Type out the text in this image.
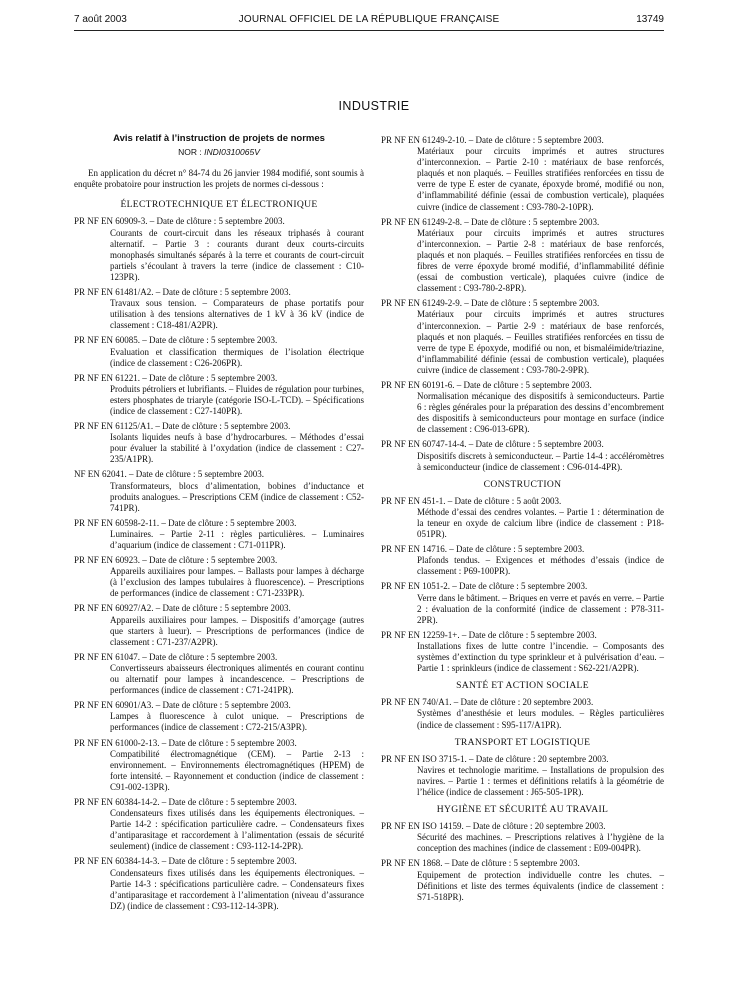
7 août 2003	JOURNAL OFFICIEL DE LA RÉPUBLIQUE FRANÇAISE	13749
INDUSTRIE
Avis relatif à l’instruction de projets de normes
NOR : INDI0310065V
En application du décret n° 84-74 du 26 janvier 1984 modifié, sont soumis à enquête probatoire pour instruction les projets de normes ci-dessous :
ÉLECTROTECHNIQUE ET ÉLECTRONIQUE
PR NF EN 60909-3. – Date de clôture : 5 septembre 2003.
Courants de court-circuit dans les réseaux triphasés à courant alternatif. – Partie 3 : courants durant deux courts-circuits monophasés simultanés séparés à la terre et courants de court-circuit partiels s’écoulant à travers la terre (indice de classement : C10-123PR).
PR NF EN 61481/A2. – Date de clôture : 5 septembre 2003.
Travaux sous tension. – Comparateurs de phase portatifs pour utilisation à des tensions alternatives de 1 kV à 36 kV (indice de classement : C18-481/A2PR).
PR NF EN 60085. – Date de clôture : 5 septembre 2003.
Evaluation et classification thermiques de l’isolation électrique (indice de classement : C26-206PR).
PR NF EN 61221. – Date de clôture : 5 septembre 2003.
Produits pétroliers et lubrifiants. – Fluides de régulation pour turbines, esters phosphates de triaryle (catégorie ISO-L-TCD). – Spécifications (indice de classement : C27-140PR).
PR NF EN 61125/A1. – Date de clôture : 5 septembre 2003.
Isolants liquides neufs à base d’hydrocarbures. – Méthodes d’essai pour évaluer la stabilité à l’oxydation (indice de classement : C27-235/A1PR).
NF EN 62041. – Date de clôture : 5 septembre 2003.
Transformateurs, blocs d’alimentation, bobines d’inductance et produits analogues. – Prescriptions CEM (indice de classement : C52-741PR).
PR NF EN 60598-2-11. – Date de clôture : 5 septembre 2003.
Luminaires. – Partie 2-11 : règles particulières. – Luminaires d’aquarium (indice de classement : C71-011PR).
PR NF EN 60923. – Date de clôture : 5 septembre 2003.
Appareils auxiliaires pour lampes. – Ballasts pour lampes à décharge (à l’exclusion des lampes tubulaires à fluorescence). – Prescriptions de performances (indice de classement : C71-233PR).
PR NF EN 60927/A2. – Date de clôture : 5 septembre 2003.
Appareils auxiliaires pour lampes. – Dispositifs d’amorçage (autres que starters à lueur). – Prescriptions de performances (indice de classement : C71-237/A2PR).
PR NF EN 61047. – Date de clôture : 5 septembre 2003.
Convertisseurs abaisseurs électroniques alimentés en courant continu ou alternatif pour lampes à incandescence. – Prescriptions de performances (indice de classement : C71-241PR).
PR NF EN 60901/A3. – Date de clôture : 5 septembre 2003.
Lampes à fluorescence à culot unique. – Prescriptions de performances (indice de classement : C72-215/A3PR).
PR NF EN 61000-2-13. – Date de clôture : 5 septembre 2003.
Compatibilité électromagnétique (CEM). – Partie 2-13 : environnement. – Environnements électromagnétiques (HPEM) de forte intensité. – Rayonnement et conduction (indice de classement : C91-002-13PR).
PR NF EN 60384-14-2. – Date de clôture : 5 septembre 2003.
Condensateurs fixes utilisés dans les équipements électroniques. – Partie 14-2 : spécification particulière cadre. – Condensateurs fixes d’antiparasitage et raccordement à l’alimentation (essais de sécurité seulement) (indice de classement : C93-112-14-2PR).
PR NF EN 60384-14-3. – Date de clôture : 5 septembre 2003.
Condensateurs fixes utilisés dans les équipements électroniques. – Partie 14-3 : spécifications particulière cadre. – Condensateurs fixes d’antiparasitage et raccordement à l’alimentation (niveau d’assurance DZ) (indice de classement : C93-112-14-3PR).
PR NF EN 61249-2-10. – Date de clôture : 5 septembre 2003.
Matériaux pour circuits imprimés et autres structures d’interconnexion. – Partie 2-10 : matériaux de base renforcés, plaqués et non plaqués. – Feuilles stratifiées renforcées en tissu de verre de type E ester de cyanate, époxyde bromé, modifié ou non, d’inflammabilité définie (essai de combustion verticale), plaquées cuivre (indice de classement : C93-780-2-10PR).
PR NF EN 61249-2-8. – Date de clôture : 5 septembre 2003.
Matériaux pour circuits imprimés et autres structures d’interconnexion. – Partie 2-8 : matériaux de base renforcés, plaqués et non plaqués. – Feuilles stratifiées renforcées en tissu de fibres de verre époxyde bromé modifié, d’inflammabilité définie (essai de combustion verticale), plaquées cuivre (indice de classement : C93-780-2-8PR).
PR NF EN 61249-2-9. – Date de clôture : 5 septembre 2003.
Matériaux pour circuits imprimés et autres structures d’interconnexion. – Partie 2-9 : matériaux de base renforcés, plaqués et non plaqués. – Feuilles stratifiées renforcées en tissu de verre de type E époxyde, modifié ou non, et bismaléimide/triazine, d’inflammabilité définie (essai de combustion verticale), plaquées cuivre (indice de classement : C93-780-2-9PR).
PR NF EN 60191-6. – Date de clôture : 5 septembre 2003.
Normalisation mécanique des dispositifs à semiconducteurs. Partie 6 : règles générales pour la préparation des dessins d’encombrement des dispositifs à semiconducteurs pour montage en surface (indice de classement : C96-013-6PR).
PR NF EN 60747-14-4. – Date de clôture : 5 septembre 2003.
Dispositifs discrets à semiconducteur. – Partie 14-4 : accéléromètres à semiconducteur (indice de classement : C96-014-4PR).
CONSTRUCTION
PR NF EN 451-1. – Date de clôture : 5 août 2003.
Méthode d’essai des cendres volantes. – Partie 1 : détermination de la teneur en oxyde de calcium libre (indice de classement : P18-051PR).
PR NF EN 14716. – Date de clôture : 5 septembre 2003.
Plafonds tendus. – Exigences et méthodes d’essais (indice de classement : P69-100PR).
PR NF EN 1051-2. – Date de clôture : 5 septembre 2003.
Verre dans le bâtiment. – Briques en verre et pavés en verre. – Partie 2 : évaluation de la conformité (indice de classement : P78-311-2PR).
PR NF EN 12259-1+. – Date de clôture : 5 septembre 2003.
Installations fixes de lutte contre l’incendie. – Composants des systèmes d’extinction du type sprinkleur et à pulvérisation d’eau. – Partie 1 : sprinkleurs (indice de classement : S62-221/A2PR).
SANTÉ ET ACTION SOCIALE
PR NF EN 740/A1. – Date de clôture : 20 septembre 2003.
Systèmes d’anesthésie et leurs modules. – Règles particulières (indice de classement : S95-117/A1PR).
TRANSPORT ET LOGISTIQUE
PR NF EN ISO 3715-1. – Date de clôture : 20 septembre 2003.
Navires et technologie maritime. – Installations de propulsion des navires. – Partie 1 : termes et définitions relatifs à la géométrie de l’hélice (indice de classement : J65-505-1PR).
HYGIÈNE ET SÉCURITÉ AU TRAVAIL
PR NF EN ISO 14159. – Date de clôture : 20 septembre 2003.
Sécurité des machines. – Prescriptions relatives à l’hygiène de la conception des machines (indice de classement : E09-004PR).
PR NF EN 1868. – Date de clôture : 5 septembre 2003.
Equipement de protection individuelle contre les chutes. – Définitions et liste des termes équivalents (indice de classement : S71-518PR).
